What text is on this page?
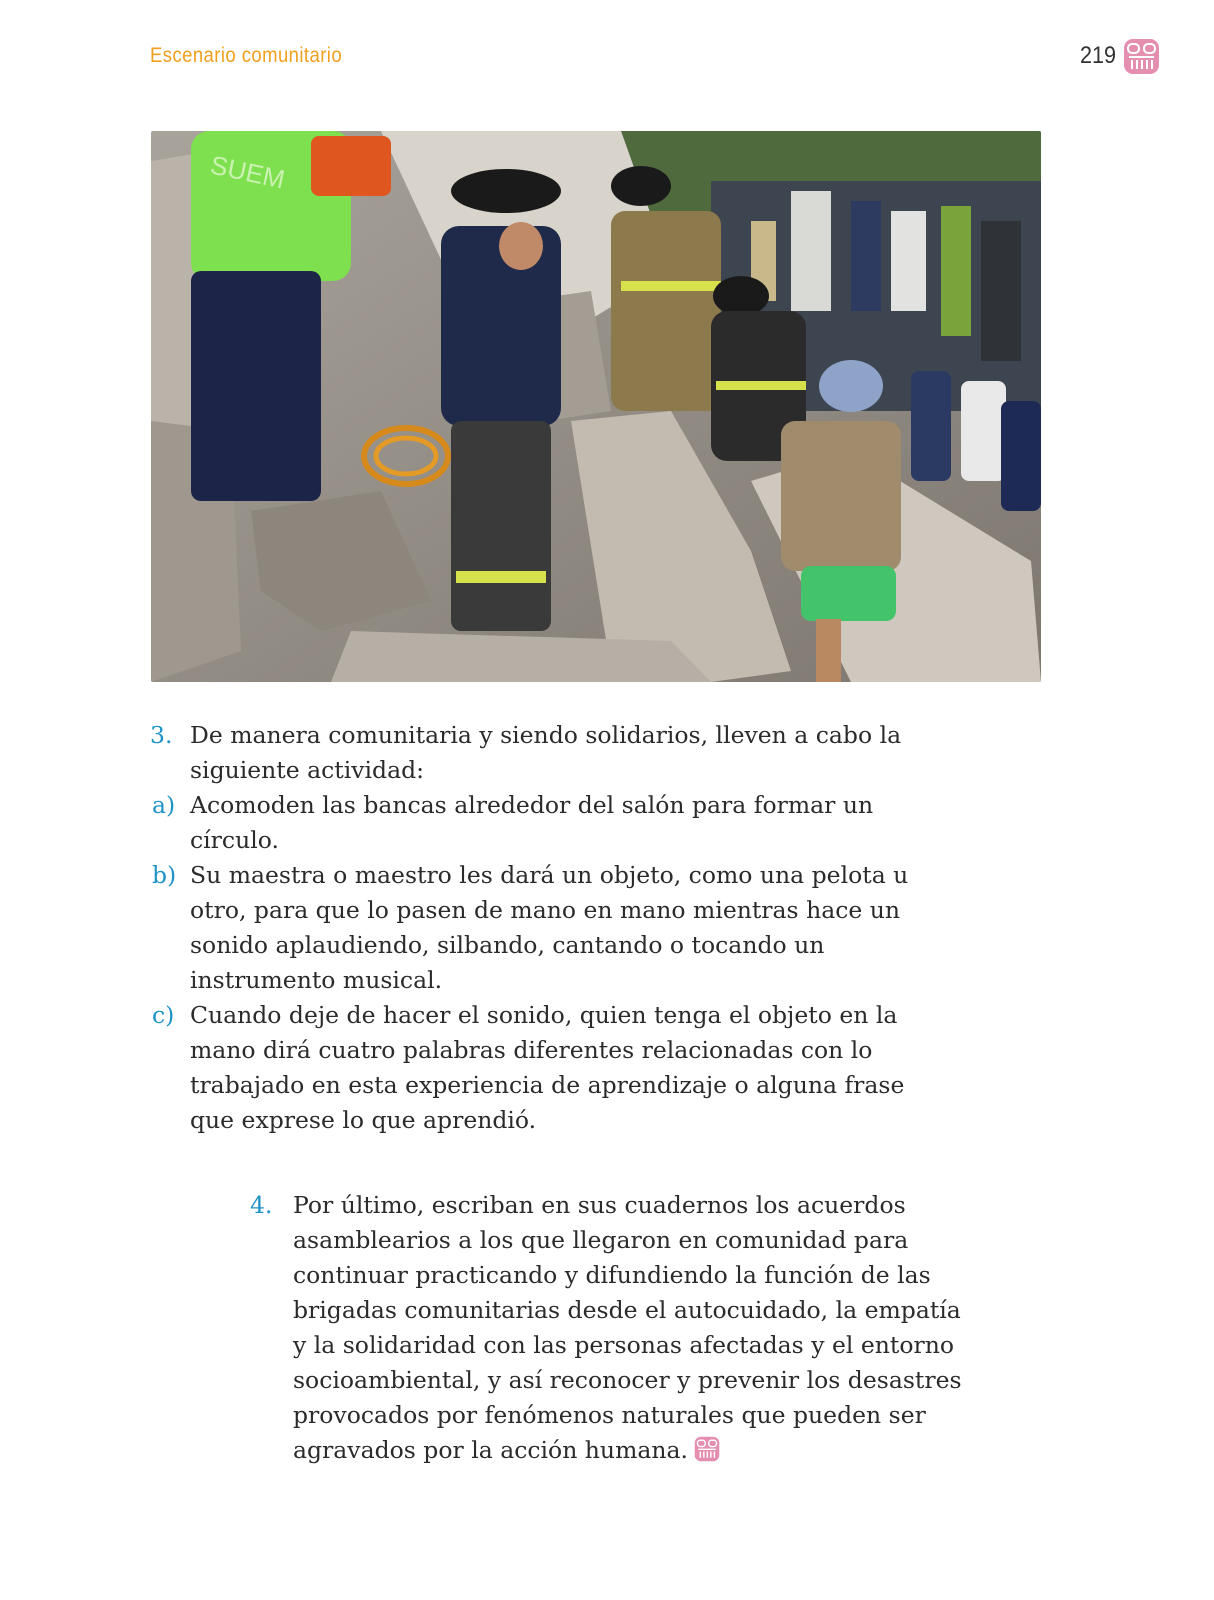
Escenario comunitario	219
SUEM
3. De manera comunitaria y siendo solidarios, lleven a cabo la siguiente actividad:
a) Acomoden las bancas alrededor del salón para formar un círculo.
b) Su maestra o maestro les dará un objeto, como una pelota u otro, para que lo pasen de mano en mano mientras hace un sonido aplaudiendo, silbando, cantando o tocando un instrumento musical.
c) Cuando deje de hacer el sonido, quien tenga el objeto en la mano dirá cuatro palabras diferentes relacionadas con lo trabajado en esta experiencia de aprendizaje o alguna frase que exprese lo que aprendió.
4. Por último, escriban en sus cuadernos los acuerdos asamblearios a los que llegaron en comunidad para continuar practicando y difundiendo la función de las brigadas comunitarias desde el autocuidado, la empatía y la solidaridad con las personas afectadas y el entorno socioambiental, y así reconocer y prevenir los desastres provocados por fenómenos naturales que pueden ser agravados por la acción humana.
